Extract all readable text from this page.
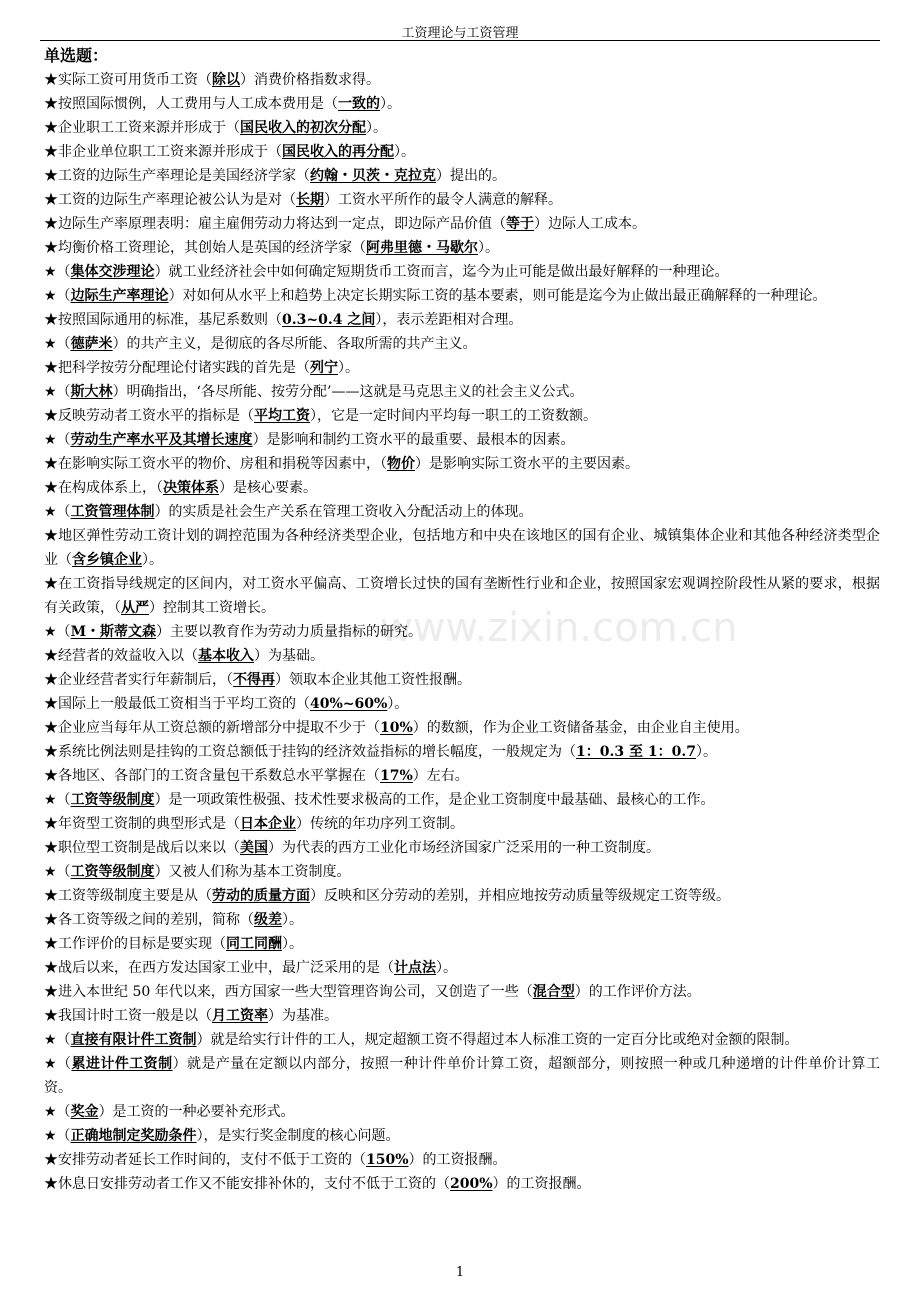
工资理论与工资管理
www.zixin.com.cn
单选题：
★实际工资可用货币工资（除以）消费价格指数求得。
★按照国际惯例，人工费用与人工成本费用是（一致的）。
★企业职工工资来源并形成于（国民收入的初次分配）。
★非企业单位职工工资来源并形成于（国民收入的再分配）。
★工资的边际生产率理论是美国经济学家（约翰・贝茨・克拉克）提出的。
★工资的边际生产率理论被公认为是对（长期）工资水平所作的最令人满意的解释。
★边际生产率原理表明：雇主雇佣劳动力将达到一定点，即边际产品价值（等于）边际人工成本。
★均衡价格工资理论，其创始人是英国的经济学家（阿弗里德・马歇尔）。
★（集体交涉理论）就工业经济社会中如何确定短期货币工资而言，迄今为止可能是做出最好解释的一种理论。
★（边际生产率理论）对如何从水平上和趋势上决定长期实际工资的基本要素，则可能是迄今为止做出最正确解释的一种理论。
★按照国际通用的标准，基尼系数则（0.3~0.4 之间），表示差距相对合理。
★（德萨米）的共产主义，是彻底的各尽所能、各取所需的共产主义。
★把科学按劳分配理论付诸实践的首先是（列宁）。
★（斯大林）明确指出，‘各尽所能、按劳分配’——这就是马克思主义的社会主义公式。
★反映劳动者工资水平的指标是（平均工资），它是一定时间内平均每一职工的工资数额。
★（劳动生产率水平及其增长速度）是影响和制约工资水平的最重要、最根本的因素。
★在影响实际工资水平的物价、房租和捐税等因素中，（物价）是影响实际工资水平的主要因素。
★在构成体系上，（决策体系）是核心要素。
★（工资管理体制）的实质是社会生产关系在管理工资收入分配活动上的体现。
★地区弹性劳动工资计划的调控范围为各种经济类型企业，包括地方和中央在该地区的国有企业、城镇集体企业和其他各种经济类型企业（含乡镇企业）。
★在工资指导线规定的区间内，对工资水平偏高、工资增长过快的国有垄断性行业和企业，按照国家宏观调控阶段性从紧的要求，根据有关政策，（从严）控制其工资增长。
★（M・斯蒂文森）主要以教育作为劳动力质量指标的研究。
★经营者的效益收入以（基本收入）为基础。
★企业经营者实行年薪制后，（不得再）领取本企业其他工资性报酬。
★国际上一般最低工资相当于平均工资的（40%~60%）。
★企业应当每年从工资总额的新增部分中提取不少于（10%）的数额，作为企业工资储备基金，由企业自主使用。
★系统比例法则是挂钩的工资总额低于挂钩的经济效益指标的增长幅度，一般规定为（1：0.3 至 1：0.7）。
★各地区、各部门的工资含量包干系数总水平掌握在（17%）左右。
★（工资等级制度）是一项政策性极强、技术性要求极高的工作，是企业工资制度中最基础、最核心的工作。
★年资型工资制的典型形式是（日本企业）传统的年功序列工资制。
★职位型工资制是战后以来以（美国）为代表的西方工业化市场经济国家广泛采用的一种工资制度。
★（工资等级制度）又被人们称为基本工资制度。
★工资等级制度主要是从（劳动的质量方面）反映和区分劳动的差别，并相应地按劳动质量等级规定工资等级。
★各工资等级之间的差别，简称（级差）。
★工作评价的目标是要实现（同工同酬）。
★战后以来，在西方发达国家工业中，最广泛采用的是（计点法）。
★进入本世纪 50 年代以来，西方国家一些大型管理咨询公司，又创造了一些（混合型）的工作评价方法。
★我国计时工资一般是以（月工资率）为基准。
★（直接有限计件工资制）就是给实行计件的工人，规定超额工资不得超过本人标准工资的一定百分比或绝对金额的限制。
★（累进计件工资制）就是产量在定额以内部分，按照一种计件单价计算工资，超额部分，则按照一种或几种递增的计件单价计算工资。
★（奖金）是工资的一种必要补充形式。
★（正确地制定奖励条件），是实行奖金制度的核心问题。
★安排劳动者延长工作时间的，支付不低于工资的（150%）的工资报酬。
★休息日安排劳动者工作又不能安排补休的，支付不低于工资的（200%）的工资报酬。
1
